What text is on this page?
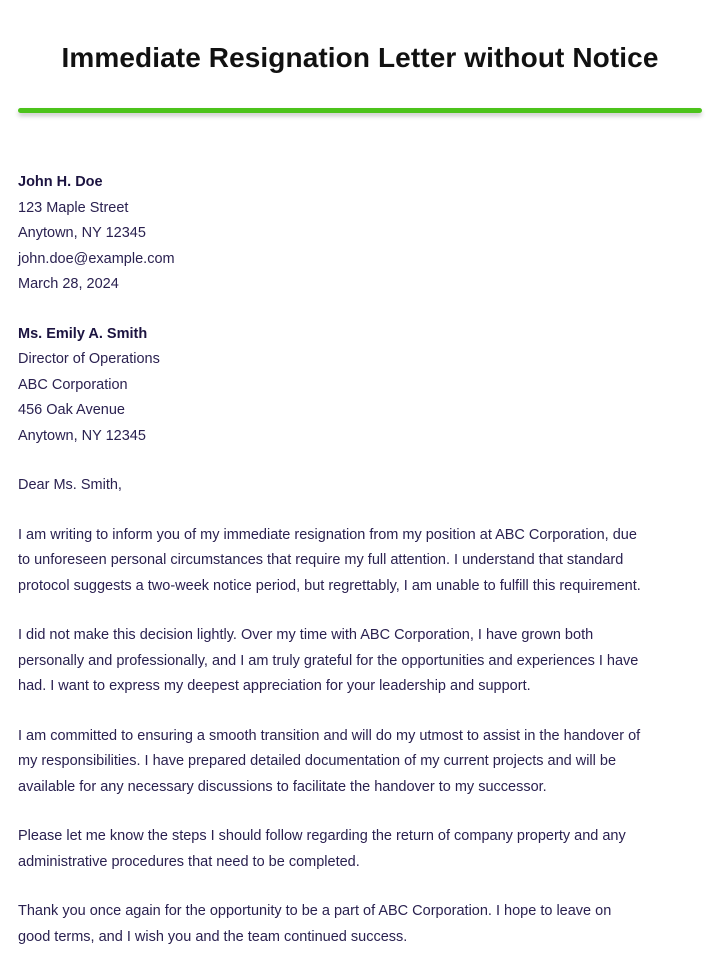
Immediate Resignation Letter without Notice
John H. Doe
123 Maple Street
Anytown, NY 12345
john.doe@example.com
March 28, 2024
Ms. Emily A. Smith
Director of Operations
ABC Corporation
456 Oak Avenue
Anytown, NY 12345
Dear Ms. Smith,
I am writing to inform you of my immediate resignation from my position at ABC Corporation, due
to unforeseen personal circumstances that require my full attention. I understand that standard
protocol suggests a two-week notice period, but regrettably, I am unable to fulfill this requirement.
I did not make this decision lightly. Over my time with ABC Corporation, I have grown both
personally and professionally, and I am truly grateful for the opportunities and experiences I have
had. I want to express my deepest appreciation for your leadership and support.
I am committed to ensuring a smooth transition and will do my utmost to assist in the handover of
my responsibilities. I have prepared detailed documentation of my current projects and will be
available for any necessary discussions to facilitate the handover to my successor.
Please let me know the steps I should follow regarding the return of company property and any
administrative procedures that need to be completed.
Thank you once again for the opportunity to be a part of ABC Corporation. I hope to leave on
good terms, and I wish you and the team continued success.
